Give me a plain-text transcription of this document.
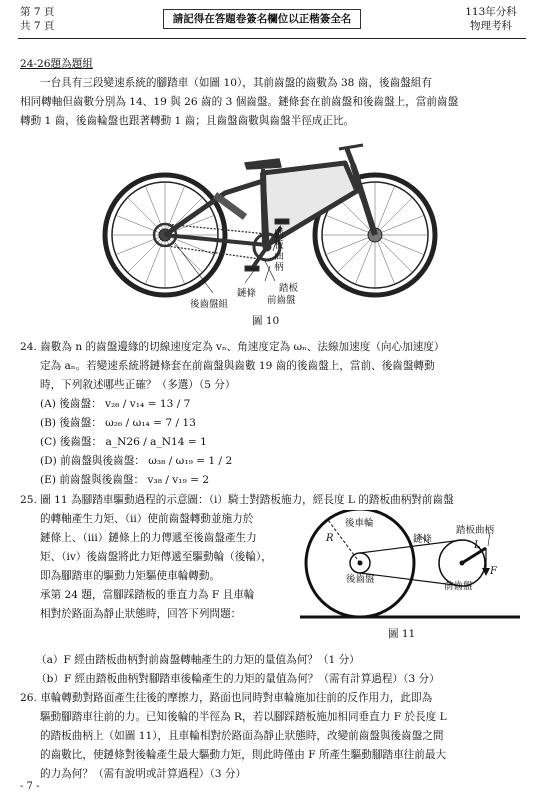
第 7 頁
共 7 頁
請記得在答題卷簽名欄位以正楷簽全名
113年分科
物理考科
24-26題為題組
一台具有三段變速系統的腳踏車（如圖 10），其前齒盤的齒數為 38 齒，後齒盤組有
相同轉軸但齒數分別為 14、19 與 26 齒的 3 個齒盤。鏈條套在前齒盤和後齒盤上，當前齒盤
轉動 1 齒，後齒輪盤也跟著轉動 1 齒；且齒盤齒數與齒盤半徑成正比。
踏板曲柄
踏板
鏈條
前齒盤
後齒盤組
圖 10
24. 齒數為 n 的齒盤邊緣的切線速度定為 vₙ、角速度定為 ωₙ、法線加速度（向心加速度）
定為 aₙ。若變速系統將鏈條套在前齒盤與齒數 19 齒的後齒盤上，當前、後齒盤轉動
時，下列敘述哪些正確？（多選）（5 分）
(A) 後齒盤： v₂₆ / v₁₄ = 13 / 7
(B) 後齒盤： ω₂₆ / ω₁₄ = 7 / 13
(C) 後齒盤： a_N26 / a_N14 = 1
(D) 前齒盤與後齒盤： ω₃₈ / ω₁₉ = 1 / 2
(E) 前齒盤與後齒盤： v₃₈ / v₁₉ = 2
25. 圖 11 為腳踏車驅動過程的示意圖：（ⅰ）騎士對踏板施力，經長度 L 的踏板曲柄對前齒盤
的轉軸產生力矩、（ⅱ）使前齒盤轉動並施力於
鏈條上、（ⅲ）鏈條上的力傳遞至後齒盤產生力
矩、（ⅳ）後齒盤將此力矩傳遞至驅動輪（後輪），
即為腳踏車的驅動力矩驅使車輪轉動。
承第 24 題，當腳踩踏板的垂直力為 F 且車輪
相對於路面為靜止狀態時，回答下列問題：
後車輪
鏈條
踏板曲柄
R
L
F
後齒盤
前齒盤
圖 11
（a）F 經由踏板曲柄對前齒盤轉軸產生的力矩的量值為何？（1 分）
（b）F 經由踏板曲柄對腳踏車後輪產生的力矩的量值為何？（需有計算過程）（3 分）
26. 車輪轉動對路面產生往後的摩擦力，路面也同時對車輪施加往前的反作用力，此即為
驅動腳踏車往前的力。已知後輪的半徑為 R，若以腳踩踏板施加相同垂直力 F 於長度 L
的踏板曲柄上（如圖 11），且車輪相對於路面為靜止狀態時，改變前齒盤與後齒盤之間
的齒數比，使鏈條對後輪產生最大驅動力矩，則此時僅由 F 所產生驅動腳踏車往前最大
的力為何？（需有說明或計算過程）（3 分）
- 7 -
